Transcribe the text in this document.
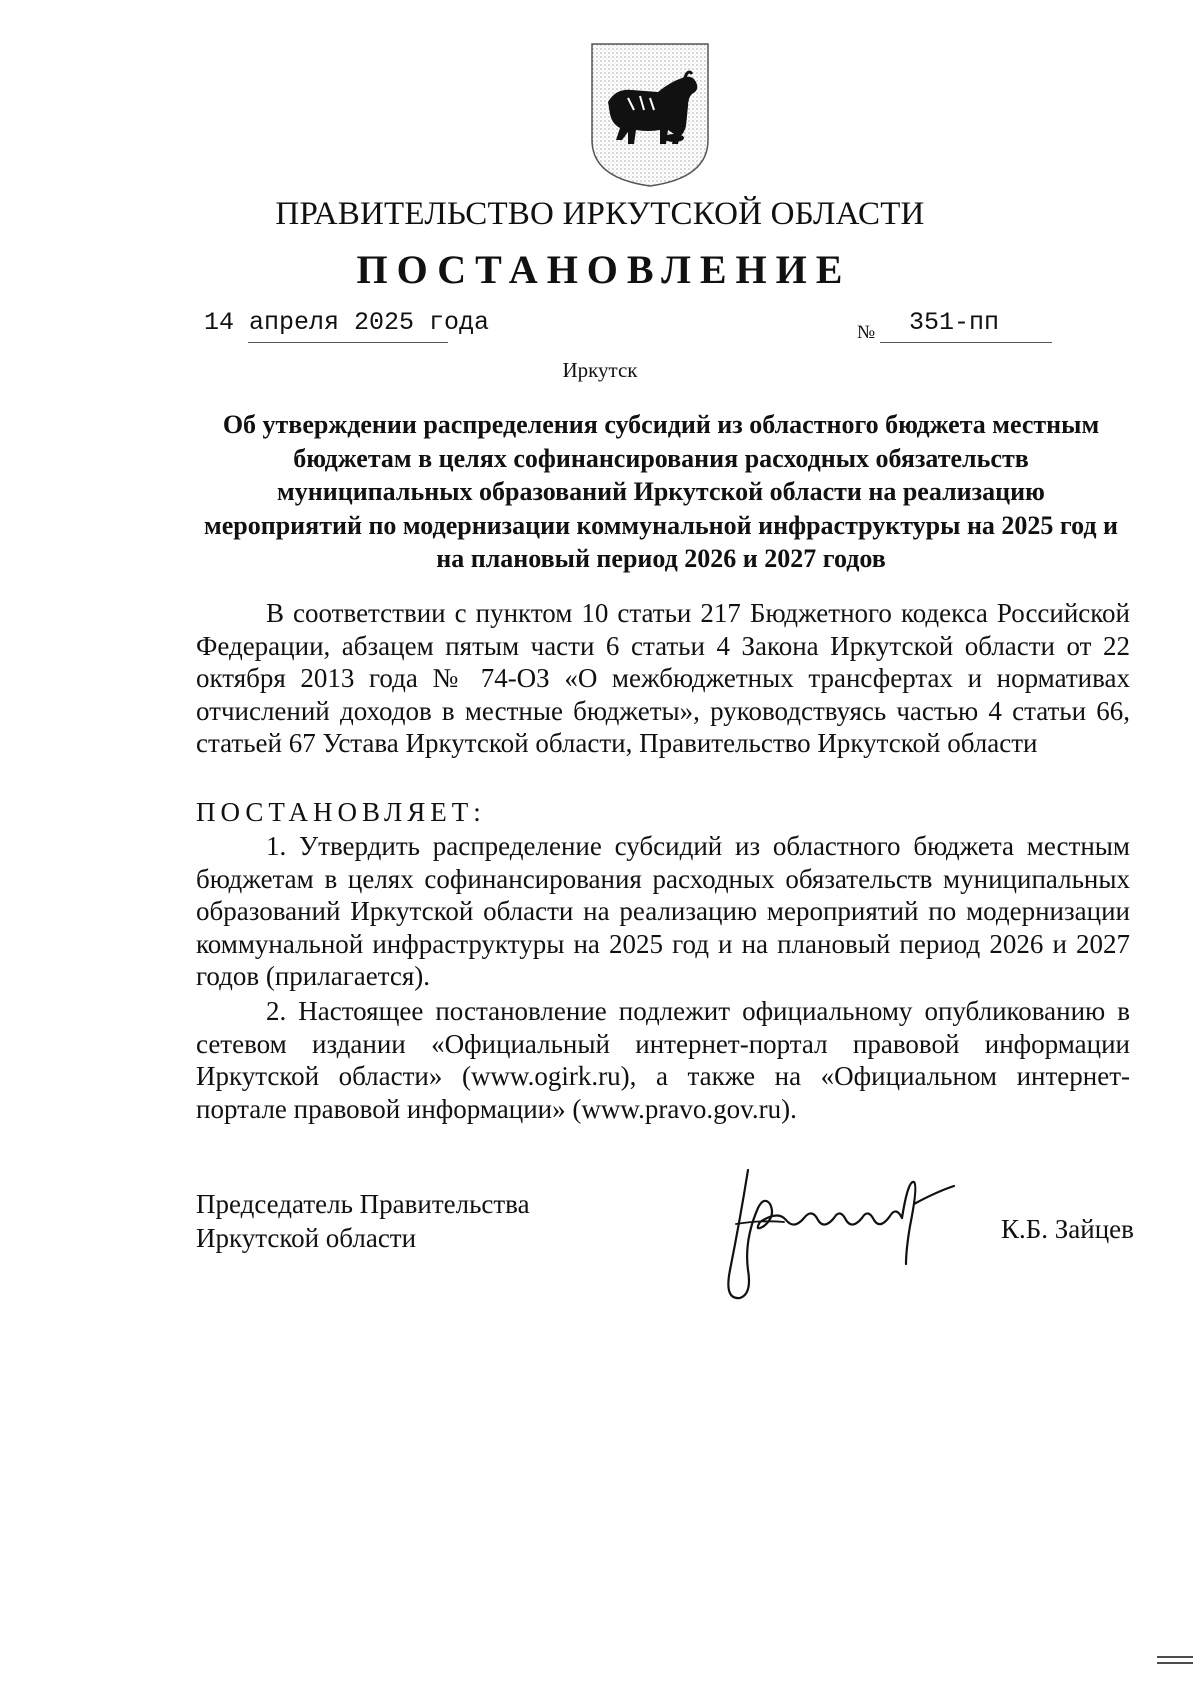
ПРАВИТЕЛЬСТВО ИРКУТСКОЙ ОБЛАСТИ
ПОСТАНОВЛЕНИЕ
14 апреля 2025 года	№ 351-пп
Иркутск
Об утверждении распределения субсидий из областного бюджета местным бюджетам в целях софинансирования расходных обязательств муниципальных образований Иркутской области на реализацию мероприятий по модернизации коммунальной инфраструктуры на 2025 год и на плановый период 2026 и 2027 годов
В соответствии с пунктом 10 статьи 217 Бюджетного кодекса Российской Федерации, абзацем пятым части 6 статьи 4 Закона Иркутской области от 22 октября 2013 года № 74-ОЗ «О межбюджетных трансфертах и нормативах отчислений доходов в местные бюджеты», руководствуясь частью 4 статьи 66, статьей 67 Устава Иркутской области, Правительство Иркутской области
ПОСТАНОВЛЯЕТ:
1. Утвердить распределение субсидий из областного бюджета местным бюджетам в целях софинансирования расходных обязательств муниципальных образований Иркутской области на реализацию мероприятий по модернизации коммунальной инфраструктуры на 2025 год и на плановый период 2026 и 2027 годов (прилагается).
2. Настоящее постановление подлежит официальному опубликованию в сетевом издании «Официальный интернет-портал правовой информации Иркутской области» (www.ogirk.ru), а также на «Официальном интернет-портале правовой информации» (www.pravo.gov.ru).
Председатель Правительства
Иркутской области	К.Б. Зайцев
